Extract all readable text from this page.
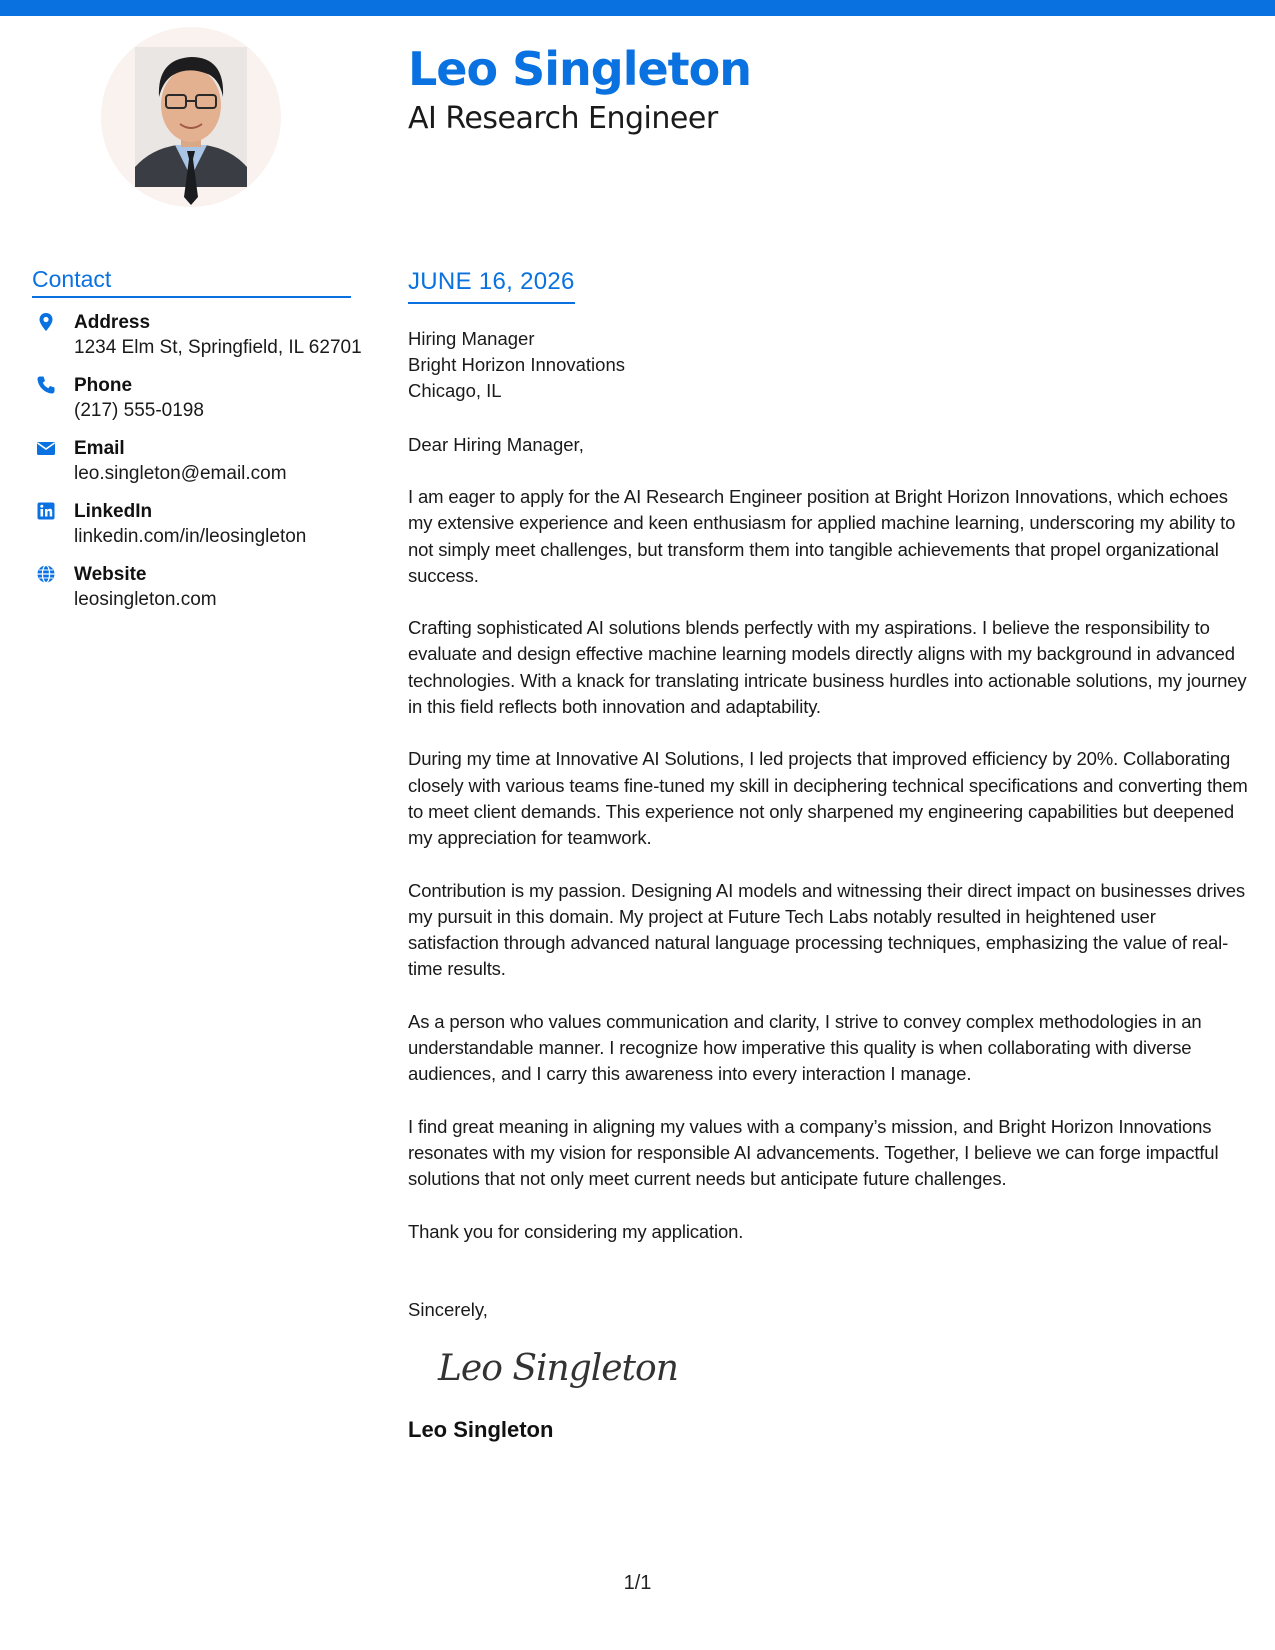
Leo Singleton
AI Research Engineer
Contact
Address
1234 Elm St, Springfield, IL 62701
Phone
(217) 555-0198
Email
leo.singleton@email.com
LinkedIn
linkedin.com/in/leosingleton
Website
leosingleton.com
JUNE 16, 2026
Hiring Manager
Bright Horizon Innovations
Chicago, IL
Dear Hiring Manager,

I am eager to apply for the AI Research Engineer position at Bright Horizon Innovations, which echoes my extensive experience and keen enthusiasm for applied machine learning, underscoring my ability to not simply meet challenges, but transform them into tangible achievements that propel organizational success.

Crafting sophisticated AI solutions blends perfectly with my aspirations. I believe the responsibility to evaluate and design effective machine learning models directly aligns with my background in advanced technologies. With a knack for translating intricate business hurdles into actionable solutions, my journey in this field reflects both innovation and adaptability.

During my time at Innovative AI Solutions, I led projects that improved efficiency by 20%. Collaborating closely with various teams fine-tuned my skill in deciphering technical specifications and converting them to meet client demands. This experience not only sharpened my engineering capabilities but deepened my appreciation for teamwork.

Contribution is my passion. Designing AI models and witnessing their direct impact on businesses drives my pursuit in this domain. My project at Future Tech Labs notably resulted in heightened user satisfaction through advanced natural language processing techniques, emphasizing the value of real-time results.

As a person who values communication and clarity, I strive to convey complex methodologies in an understandable manner. I recognize how imperative this quality is when collaborating with diverse audiences, and I carry this awareness into every interaction I manage.

I find great meaning in aligning my values with a company’s mission, and Bright Horizon Innovations resonates with my vision for responsible AI advancements. Together, I believe we can forge impactful solutions that not only meet current needs but anticipate future challenges.

Thank you for considering my application.

Sincerely,
Leo Singleton
Leo Singleton
1/1
